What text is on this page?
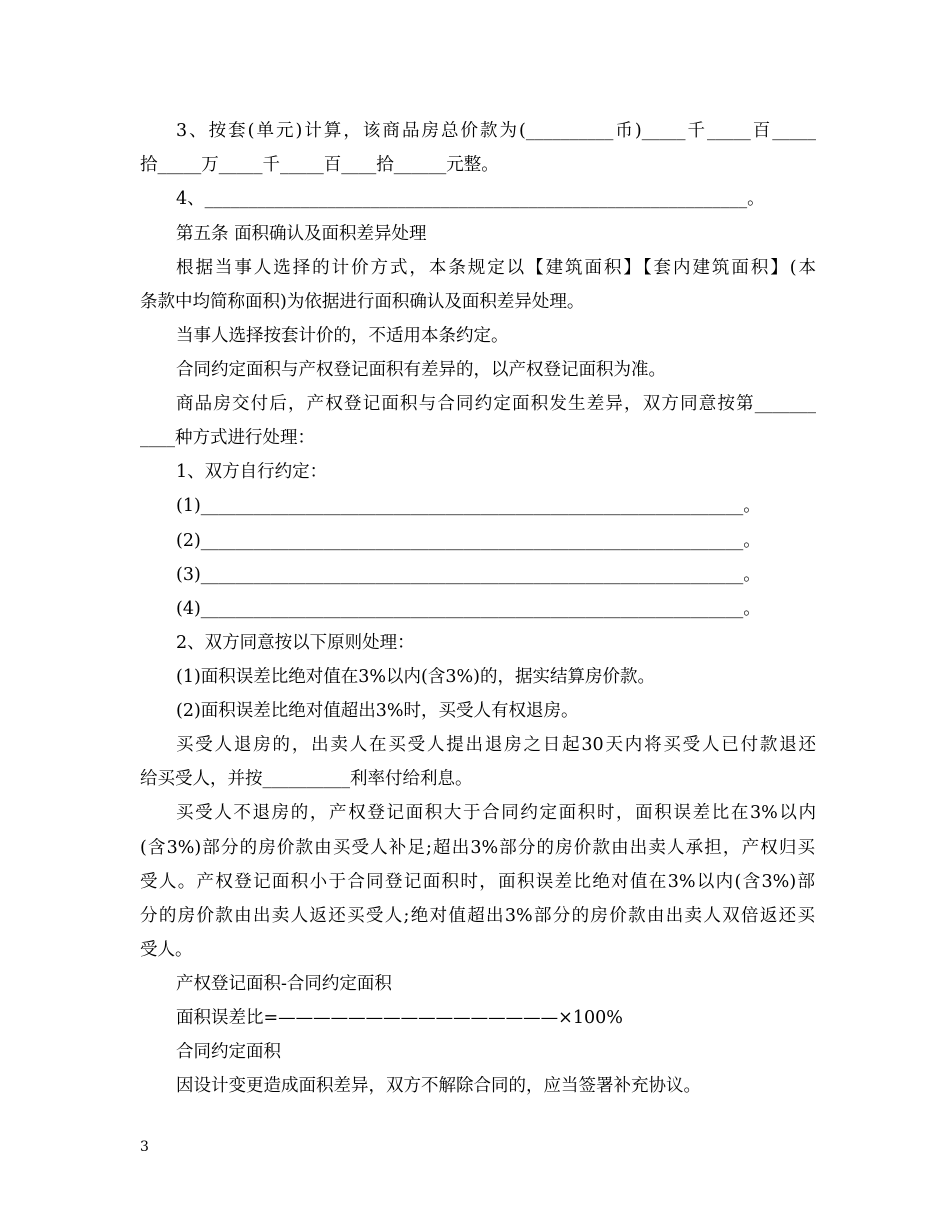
3、按套(单元)计算，该商品房总价款为(__________币)_____千_____百_____
拾_____万_____千_____百____拾______元整。
4、______________________________________________________________。
第五条 面积确认及面积差异处理
根据当事人选择的计价方式，本条规定以【建筑面积】【套内建筑面积】(本
条款中均简称面积)为依据进行面积确认及面积差异处理。
当事人选择按套计价的，不适用本条约定。
合同约定面积与产权登记面积有差异的，以产权登记面积为准。
商品房交付后，产权登记面积与合同约定面积发生差异，双方同意按第_______
____种方式进行处理：
1、双方自行约定：
(1)______________________________________________________________。
(2)______________________________________________________________。
(3)______________________________________________________________。
(4)______________________________________________________________。
2、双方同意按以下原则处理：
(1)面积误差比绝对值在3%以内(含3%)的，据实结算房价款。
(2)面积误差比绝对值超出3%时，买受人有权退房。
买受人退房的，出卖人在买受人提出退房之日起30天内将买受人已付款退还
给买受人，并按__________利率付给利息。
买受人不退房的，产权登记面积大于合同约定面积时，面积误差比在3%以内
(含3%)部分的房价款由买受人补足;超出3%部分的房价款由出卖人承担，产权归买
受人。产权登记面积小于合同登记面积时，面积误差比绝对值在3%以内(含3%)部
分的房价款由出卖人返还买受人;绝对值超出3%部分的房价款由出卖人双倍返还买
受人。
产权登记面积-合同约定面积
面积误差比=————————————————×100%
合同约定面积
因设计变更造成面积差异，双方不解除合同的，应当签署补充协议。
3
